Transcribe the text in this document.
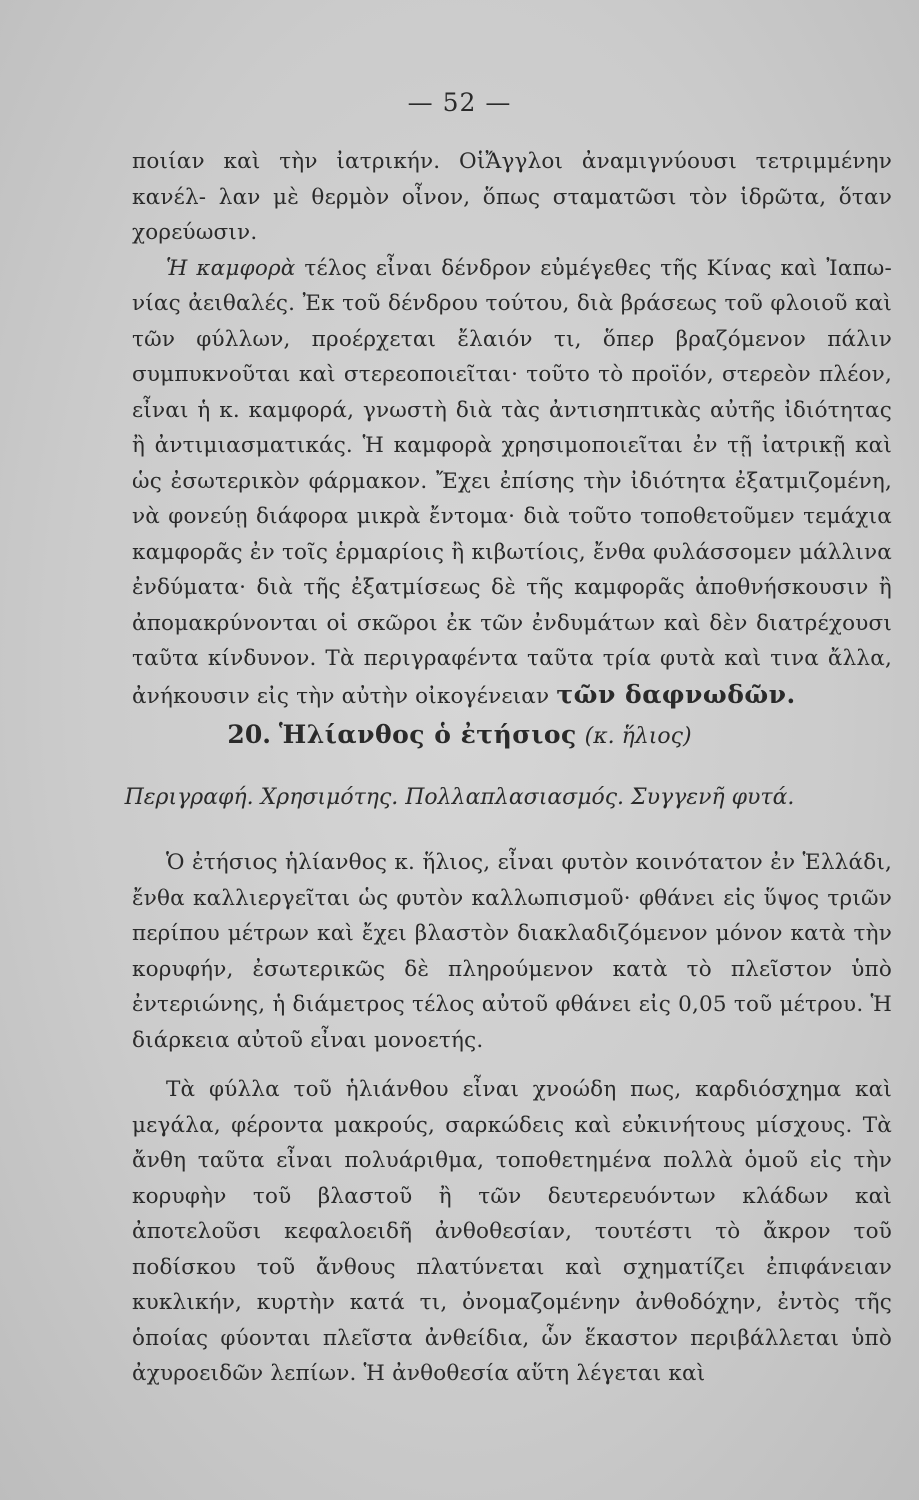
— 52 —

ποιίαν καὶ τὴν ἰατρικήν. ΟἱἌγγλοι ἀναμιγνύουσι τετριμμένην κανέλ- λαν μὲ θερμὸν οἶνον, ὅπως σταματῶσι τὸν ἱδρῶτα, ὅταν χορεύωσιν.

Ἡ καμφορὰ τέλος εἶναι δένδρον εὐμέγεθες τῆς Κίνας καὶ Ἰαπω-νίας ἀειθαλές. Ἐκ τοῦ δένδρου τούτου, διὰ βράσεως τοῦ φλοιοῦ καὶ τῶν φύλλων, προέρχεται ἔλαιόν τι, ὅπερ βραζόμενον πάλιν συμπυκνοῦται καὶ στερεοποιεῖται· τοῦτο τὸ προϊόν, στερεὸν πλέον, εἶναι ἡ κ. καμφορά, γνωστὴ διὰ τὰς ἀντισηπτικὰς αὐτῆς ἰδιότητας ἢ ἀντιμιασματικάς. Ἡ καμφορὰ χρησιμοποιεῖται ἐν τῇ ἰατρικῇ καὶ ὡς ἐσωτερικὸν φάρμακον. Ἔχει ἐπίσης τὴν ἰδιότητα ἐξατμιζομένη, νὰ φονεύῃ διάφορα μικρὰ ἔντομα· διὰ τοῦτο τοποθετοῦμεν τεμάχια καμφορᾶς ἐν τοῖς ἑρμαρίοις ἢ κιβωτίοις, ἔνθα φυλάσσομεν μάλλινα ἐνδύματα· διὰ τῆς ἐξατμίσεως δὲ τῆς καμφορᾶς ἀποθνήσκουσιν ἢ ἀπομακρύνονται οἱ σκῶροι ἐκ τῶν ἐνδυμάτων καὶ δὲν διατρέχουσι ταῦτα κίνδυνον. Τὰ περιγραφέντα ταῦτα τρία φυτὰ καὶ τινα ἄλλα, ἀνήκουσιν εἰς τὴν αὐτὴν οἰκογένειαν τῶν δαφνωδῶν.

20. Ἡλίανθος ὁ ἐτήσιος (κ. ἥλιος)
Περιγραφή. Χρησιμότης. Πολλαπλασιασμός. Συγγενῆ φυτά.

Ὁ ἐτήσιος ἡλίανθος κ. ἥλιος, εἶναι φυτὸν κοινότατον ἐν Ἑλλάδι, ἔνθα καλλιεργεῖται ὡς φυτὸν καλλωπισμοῦ· φθάνει εἰς ὕψος τριῶν περίπου μέτρων καὶ ἔχει βλαστὸν διακλαδιζόμενον μόνον κατὰ τὴν κορυφήν, ἐσωτερικῶς δὲ πληρούμενον κατὰ τὸ πλεῖστον ὑπὸ ἐντεριώνης, ἡ διάμετρος τέλος αὐτοῦ φθάνει εἰς 0,05 τοῦ μέτρου. Ἡ διάρκεια αὐτοῦ εἶναι μονοετής.

Τὰ φύλλα τοῦ ἡλιάνθου εἶναι χνοώδη πως, καρδιόσχημα καὶ μεγάλα, φέροντα μακρούς, σαρκώδεις καὶ εὐκινήτους μίσχους. Τὰ ἄνθη ταῦτα εἶναι πολυάριθμα, τοποθετημένα πολλὰ ὁμοῦ εἰς τὴν κορυφὴν τοῦ βλαστοῦ ἢ τῶν δευτερευόντων κλάδων καὶ ἀποτελοῦσι κεφαλοειδῆ ἀνθοθεσίαν, τουτέστι τὸ ἄκρον τοῦ ποδίσκου τοῦ ἄνθους πλατύνεται καὶ σχηματίζει ἐπιφάνειαν κυκλικήν, κυρτὴν κατά τι, ὀνομαζομένην ἀνθοδόχην, ἐντὸς τῆς ὁποίας φύονται πλεῖστα ἀνθείδια, ὧν ἕκαστον περιβάλλεται ὑπὸ ἀχυροειδῶν λεπίων. Ἡ ἀνθοθεσία αὕτη λέγεται καὶ
